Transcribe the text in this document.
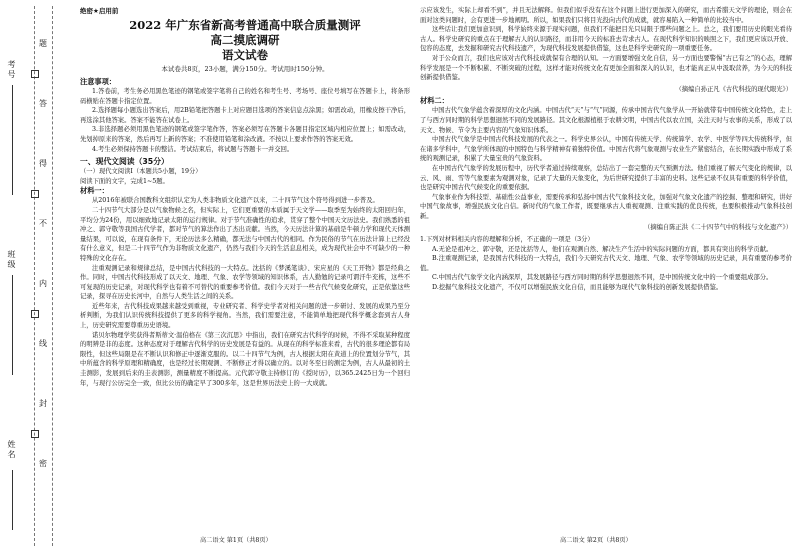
姓名
班级
考号
题
答
得
不
内
线
封
密
绝密★启用前
2022 年广东省新高考普通高中联合质量测评
高二摸底调研
语文试卷
本试卷共8页，23小题，满分150分。考试用时150分钟。
注意事项：

1.答卷前，考生务必用黑色笔迹的钢笔或签字笔将自己的姓名和考生号、考场号、座位号填写在答题卡上，将条形码横贴在答题卡指定位置。

2.选择题每小题选出答案后，用2B铅笔把答题卡上对应题目选项的答案信息点涂黑；如需改动，用橡皮擦干净后，再选涂其他答案。答案不能答在试卷上。

3.非选择题必须用黑色笔迹的钢笔或签字笔作答，答案必须写在答题卡各题目指定区域内相应位置上；如需改动，先划掉原来的答案，然后再写上新的答案；不准使用铅笔和涂改液。不按以上要求作答的答案无效。

4.考生必须保持答题卡的整洁。考试结束后，将试题与答题卡一并交回。

一、现代文阅读（35分）

（一）现代文阅读Ⅰ（本题共5小题，19分）

阅读下面的文字，完成1~5题。

材料一：

从2016年被联合国教科文组织认定为人类非物质文化遗产以来，二十四节气这个符号得到进一步普及。

二十四节气大部分是以气象物候之名，但实际上，它们更重要的本质属于天文学——取季至为始终的太阳回归年，平均分为24份，用以细致地记录太阳的运行规律。对于节气准确性的追求，贯穿了整个中国天文历法史。我们熟悉的祖冲之、郭守敬等我国古代学者，都对节气的算法作出了杰出贡献。当然，今天历法计算的基础是牛顿力学和现代天体测量结果，可以说，在现有条件下，无论历法多么精确，都无法与中国古代的相同。作为民俗的节气在历法计算上已经没有什么意义，但是二十四节气作为非物质文化遗产，仍然与我们今天的生活息息相关，成为现代社会中不可缺少的一种特殊的文化存在。

注重观测记录和规律总结，是中国古代科技的一大特点。沈括的《梦溪笔谈》、宋应星的《天工开物》都是经典之作。同时，中国古代科技形成了以天文、地理、气象、农学等领域的知识体系，古人勤勉的记录可谓汗牛充栋，这些不可复现的历史记录，对现代科学也有着不可替代的重要参考价值。我们今天对于一些古代气候变化研究，正是依靠这些记录，探寻在历史长河中，自然与人类生活之间的关系。

近些年来，古代科技成果越来越受到重视，专业研究者、科学史学者对相关问题的进一步研讨、发展的成果乃至分析判断，为我们认识传统科技提供了更多的科学视角。当然，我们需要注意，不能简单地把现代科学概念套到古人身上，历史研究需要尊重历史语境。

诺贝尔物理学奖获得者斯蒂文·温伯格在《第三次沉思》中指出，我们在研究古代科学的时候，不得不采取某种程度的明辨是非的态度。这种态度对于理解古代科学的历史发展是有益的。从现在的科学标准来看，古代的很多理论都有局限性，但这些局限是在不断认识和修正中逐渐克服的。以二十四节气为例，古人根据太阳在黄道上的位置划分节气，其中所蕴含的科学原理和精确度，也是经过长期观测、不断修正才得以确立的。以对冬至日的测定为例，古人从最初的土圭测影，发展到后来的圭表测影，测量精度不断提高。元代郭守敬主持修订的《授时历》，以365.2425日为一个回归年，与现行公历完全一致，但比公历的确定早了300多年，这是世界历法史上的一大成就。

示应该发生，实际上却看不到”，并且无法解释。但我们似乎没有在这个问题上进行更加深入的研究，而古希腊天文学的理论，则会在面对这类问题时，会有更进一步地阐明。所以，如果我们只将目光投向古代的成就，就容易陷入一种简单的比较当中。

这些话让我们更加意识到，科学始终来源于现实问题，但我们不能把目光只局限于那些问题之上。总之，我们要用历史的眼光看待古人。科学史研究的重点在于理解古人的认识路径，而非用今天的标准去苛求古人。在现代科学知识的映照之下，我们更应该以开放、包容的态度，去发掘和研究古代科技遗产，为现代科技发展提供借鉴，这也是科学史研究的一项重要任务。

对于公众而言，我们也应该对古代科技成就保有合理的认知。一方面要增强文化自信，另一方面也要警惕“古已有之”的心态，理解科学发展是一个不断积累、不断突破的过程，这样才能对传统文化有更加全面和深入的认识，也才能真正从中汲取营养，为今天的科技创新提供借鉴。

（摘编自孙正凡《古代科技的现代眼光》）

材料二：

中国古代气象学蕴含着深厚的文化内涵。中国古代“天”与“气”同源，传承中国古代气象学从一开始就带有中国传统文化特色，走上了与西方同时期的科学思想迥然不同的发展路径。其文化根源植根于农耕文明，中国古代以农立国，关注天时与农事的关系，形成了以天文、物候、节令为主要内容的气象知识体系。

中国古代气象学是中国古代科技发展的代表之一。科学史界公认，中国有传统天学、传统算学、农学、中医学等四大传统科学，但在诸多学科中，气象学所体现的中国特色与科学精神有着独特价值。中国古代将气象观测与农业生产紧密结合，在长期实践中形成了系统的观测记录，积累了大量宝贵的气象资料。

在中国古代气象学的发展历程中，历代学者通过持续观察，总结出了一套完整的天气预测方法。他们重视了解天气变化的规律，以云、风、雨、雪等气象要素为观测对象，记录了大量的天象变化，为后世研究提供了丰富的史料。这些记录不仅具有重要的科学价值，也是研究中国古代气候变化的重要依据。

气象事业作为科技型、基础性公益事业，需要传承和弘扬中国古代气象科技文化，加强对气象文化遗产的挖掘、整理和研究，讲好中国气象故事，增强民族文化自信。新时代的气象工作者，既要继承古人重视观测、注重实践的优良传统，也要积极推动气象科技创新。

（摘编自陈正洪《二十四节气中的科技与文化遗产》）

1.下列对材料相关内容的理解和分析，不正确的一项是（3分）

A.无论是祖冲之、郭守敬，还是沈括等人，他们在观测自然、解决生产生活中的实际问题的方面，都具有突出的科学贡献。

B.注重观测记录，是我国古代科技的一大特点，我们今天研究古代天文、地理、气象、农学等领域的历史记录，具有重要的参考价值。

C.中国古代气象学文化内涵深厚，其发展路径与西方同时期的科学思想迥然不同，是中国传统文化中的一个重要组成部分。

D.挖掘气象科技文化遗产，不仅可以增强民族文化自信，而且能够为现代气象科技的创新发展提供借鉴。

高二语文 第1页（共8页）	高二语文 第2页（共8页）
